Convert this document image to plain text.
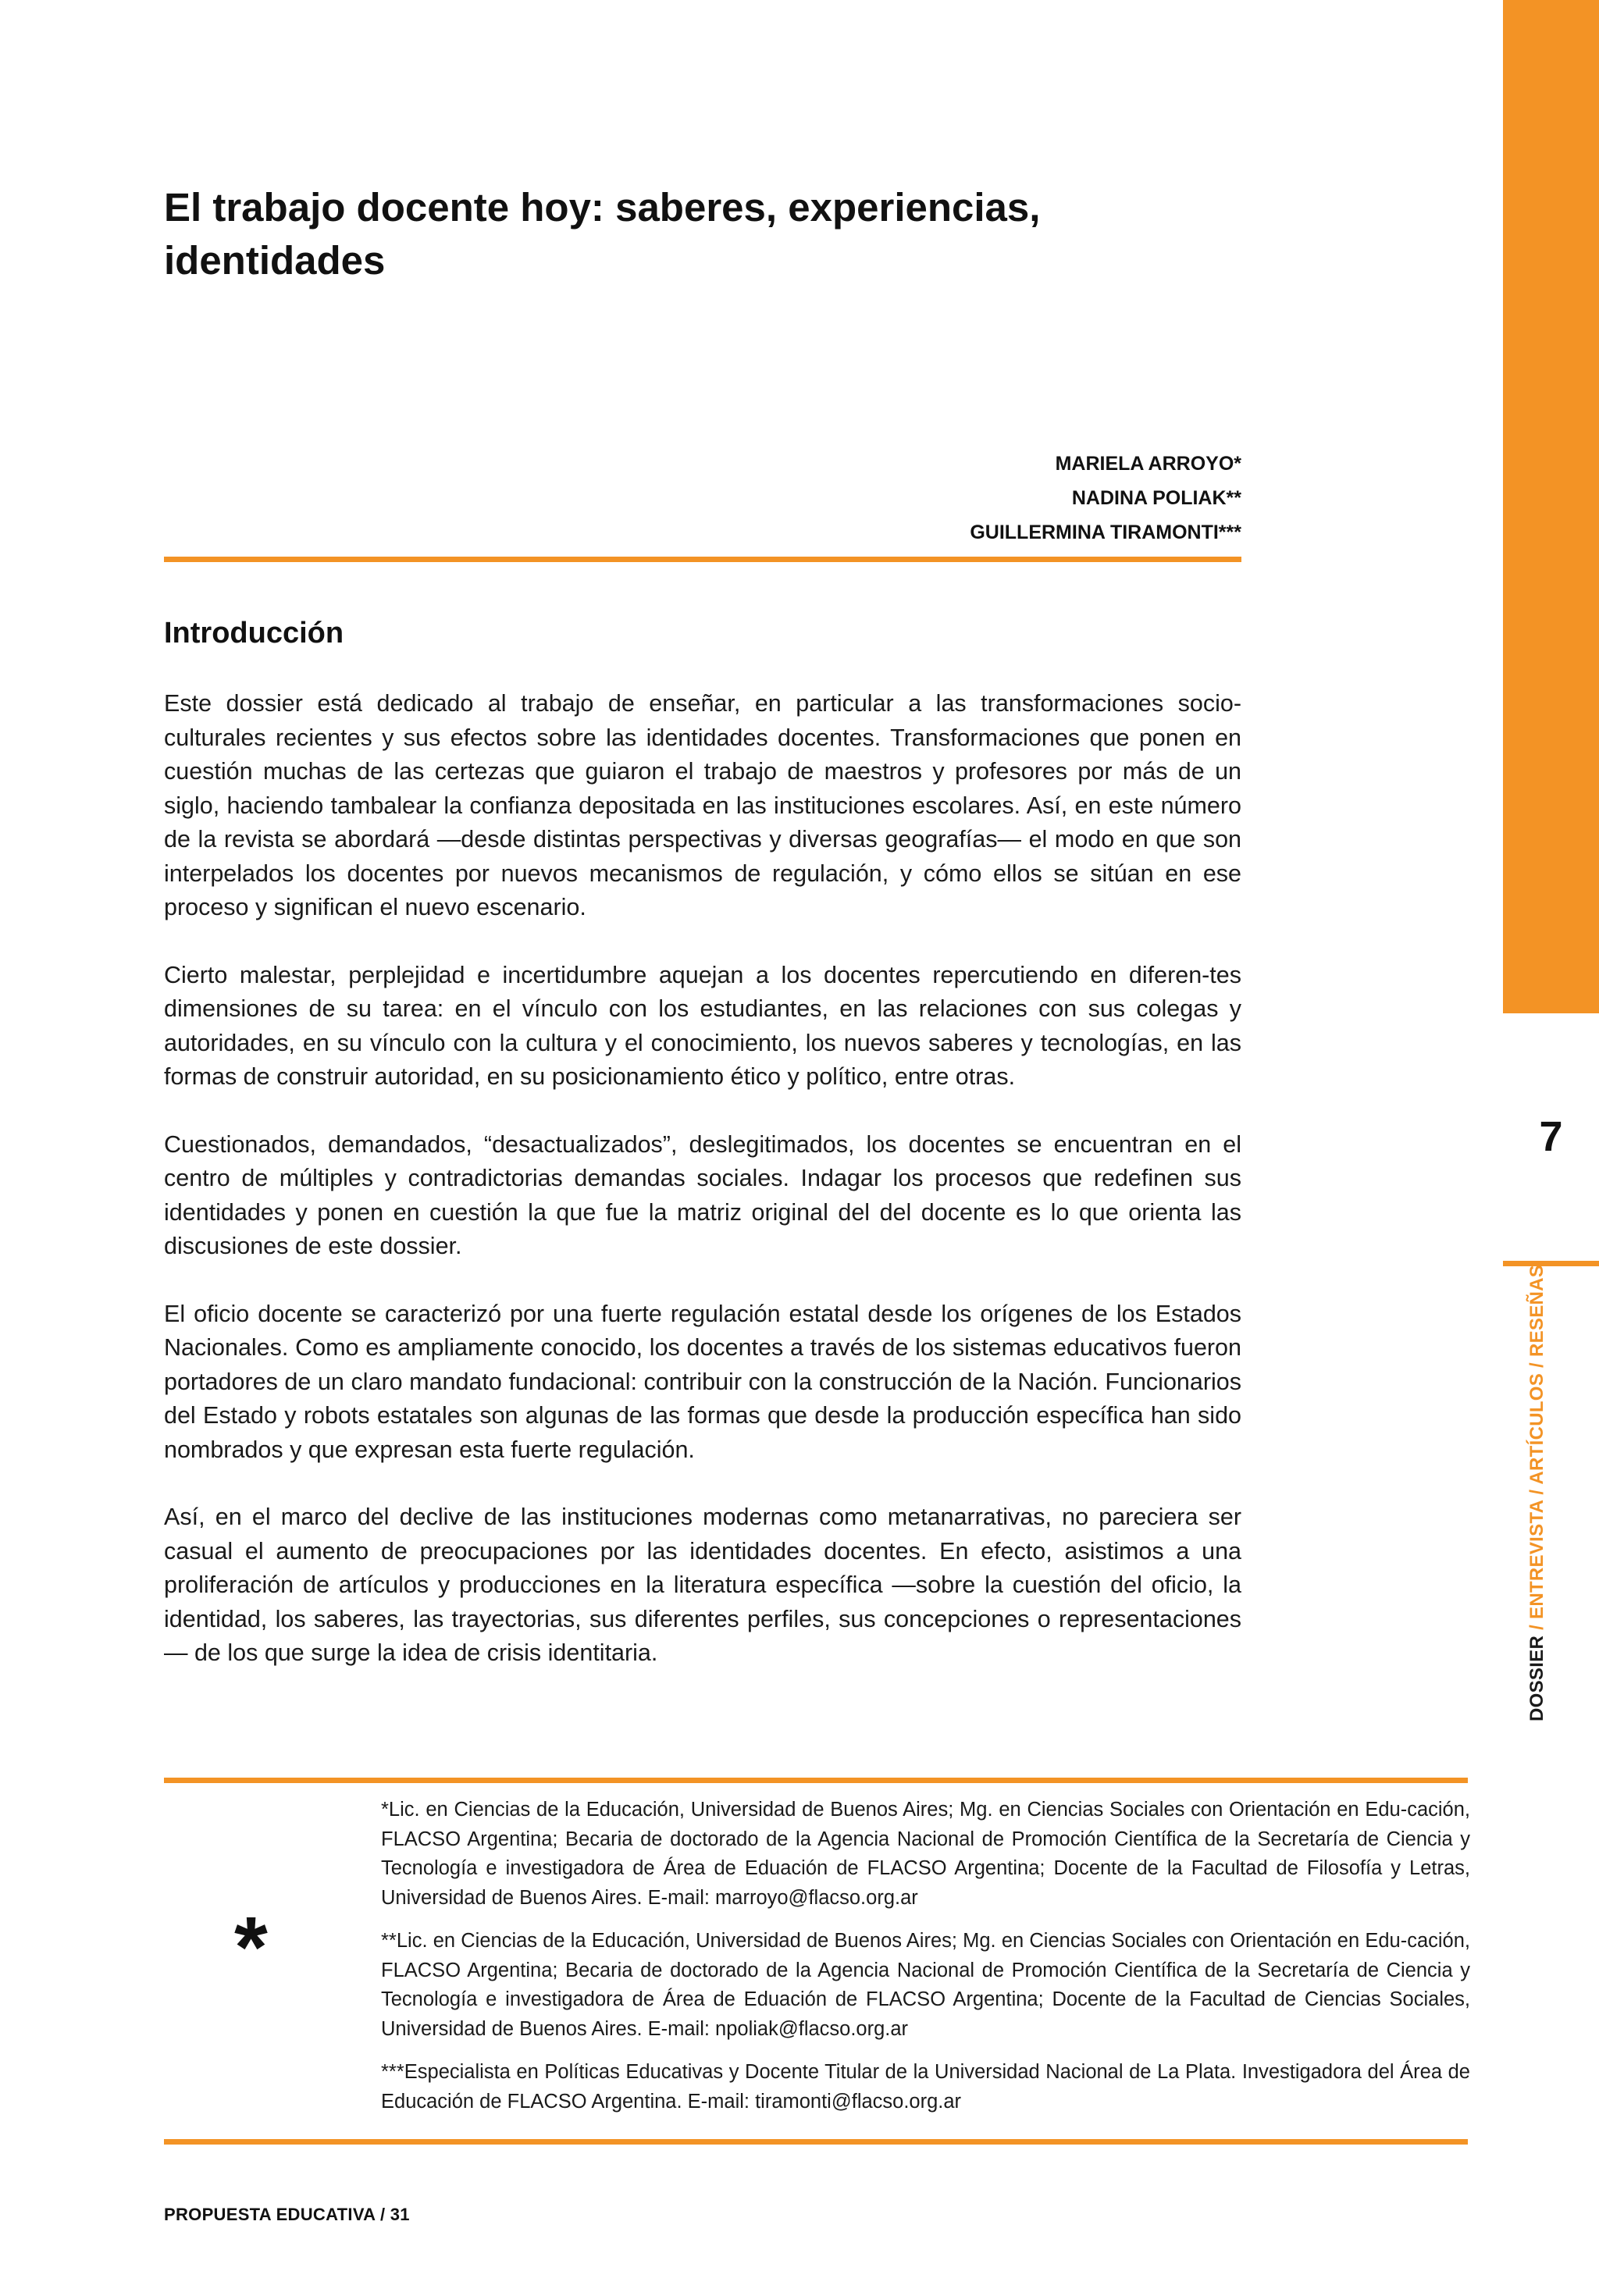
7
DOSSIER / ENTREVISTA / ARTÍCULOS / RESEÑAS
El trabajo docente hoy: saberes, experiencias,
identidades
MARIELA ARROYO*
NADINA POLIAK**
GUILLERMINA TIRAMONTI***
Introducción

Este dossier está dedicado al trabajo de enseñar, en particular a las transformaciones socio-culturales recientes y sus efectos sobre las identidades docentes. Transformaciones que ponen en cuestión muchas de las certezas que guiaron el trabajo de maestros y profesores por más de un siglo, haciendo tambalear la confianza depositada en las instituciones escolares. Así, en este número de la revista se abordará —desde distintas perspectivas y diversas geografías— el modo en que son interpelados los docentes por nuevos mecanismos de regulación, y cómo ellos se sitúan en ese proceso y significan el nuevo escenario.

Cierto malestar, perplejidad e incertidumbre aquejan a los docentes repercutiendo en diferen-tes dimensiones de su tarea: en el vínculo con los estudiantes, en las relaciones con sus colegas y autoridades, en su vínculo con la cultura y el conocimiento, los nuevos saberes y tecnologías, en las formas de construir autoridad, en su posicionamiento ético y político, entre otras.

Cuestionados, demandados, “desactualizados”, deslegitimados, los docentes se encuentran en el centro de múltiples y contradictorias demandas sociales. Indagar los procesos que redefinen sus identidades y ponen en cuestión la que fue la matriz original del del docente es lo que orienta las discusiones de este dossier.

El oficio docente se caracterizó por una fuerte regulación estatal desde los orígenes de los Estados Nacionales. Como es ampliamente conocido, los docentes a través de los sistemas educativos fueron portadores de un claro mandato fundacional: contribuir con la construcción de la Nación. Funcionarios del Estado y robots estatales son algunas de las formas que desde la producción específica han sido nombrados y que expresan esta fuerte regulación.

Así, en el marco del declive de las instituciones modernas como metanarrativas, no pareciera ser casual el aumento de preocupaciones por las identidades docentes. En efecto, asistimos a una proliferación de artículos y producciones en la literatura específica —sobre la cuestión del oficio, la identidad, los saberes, las trayectorias, sus diferentes perfiles, sus concepciones o representaciones— de los que surge la idea de crisis identitaria.

*

*Lic. en Ciencias de la Educación, Universidad de Buenos Aires; Mg. en Ciencias Sociales con Orientación en Edu-cación, FLACSO Argentina; Becaria de doctorado de la Agencia Nacional de Promoción Científica de la Secretaría de Ciencia y Tecnología e investigadora de Área de Eduación de FLACSO Argentina; Docente de la Facultad de Filosofía y Letras, Universidad de Buenos Aires. E-mail: marroyo@flacso.org.ar

**Lic. en Ciencias de la Educación, Universidad de Buenos Aires; Mg. en Ciencias Sociales con Orientación en Edu-cación, FLACSO Argentina; Becaria de doctorado de la Agencia Nacional de Promoción Científica de la Secretaría de Ciencia y Tecnología e investigadora de Área de Eduación de FLACSO Argentina; Docente de la Facultad de Ciencias Sociales, Universidad de Buenos Aires. E-mail: npoliak@flacso.org.ar

***Especialista en Políticas Educativas y Docente Titular de la Universidad Nacional de La Plata. Investigadora del Área de Educación de FLACSO Argentina. E-mail: tiramonti@flacso.org.ar

PROPUESTA EDUCATIVA / 31
